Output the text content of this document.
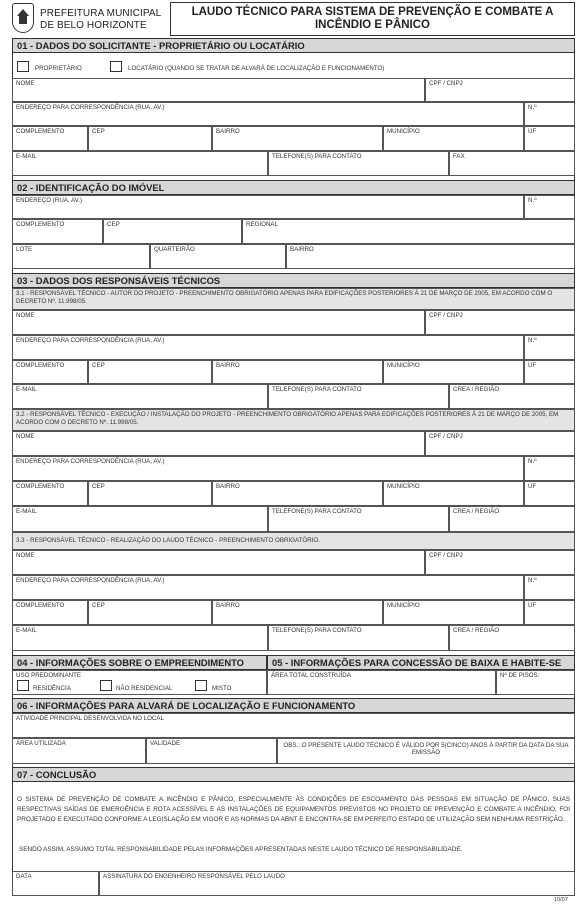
PREFEITURA MUNICIPAL
DE BELO HORIZONTE
LAUDO TÉCNICO PARA SISTEMA DE PREVENÇÃO E COMBATE A
INCÊNDIO E PÂNICO
01 - DADOS DO SOLICITANTE - PROPRIETÁRIO OU LOCATÁRIO
PROPRIETÁRIO	LOCATÁRIO (QUANDO SE TRATAR DE ALVARÁ DE LOCALIZAÇÃO E FUNCIONAMENTO)
NOME	CPF / CNPJ
ENDEREÇO PARA CORRESPONDÊNCIA (RUA, AV.)	N.º
COMPLEMENTO	CEP	BAIRRO	MUNICÍPIO	UF
E-MAIL	TELEFONE(S) PARA CONTATO	FAX
02 - IDENTIFICAÇÃO DO IMÓVEL
ENDEREÇO (RUA, AV.)	N.º
COMPLEMENTO	CEP	REGIONAL
LOTE	QUARTEIRÃO	BAIRRO
03 - DADOS DOS RESPONSÁVEIS TÉCNICOS
3.1 - RESPONSÁVEL TÉCNICO - AUTOR DO PROJETO - PREENCHIMENTO OBRIGATÓRIO APENAS PARA EDIFICAÇÕES POSTERIORES À 21 DE MARÇO DE 2005, EM ACORDO COM O DECRETO Nº. 11.998/05.
NOME	CPF / CNPJ
ENDEREÇO PARA CORRESPONDÊNCIA (RUA, AV.)	N.º
COMPLEMENTO	CEP	BAIRRO	MUNICÍPIO	UF
E-MAIL	TELEFONE(S) PARA CONTATO	CREA / REGIÃO
3.2 - RESPONSÁVEL TÉCNICO - EXECUÇÃO / INSTALAÇÃO DO PROJETO - PREENCHIMENTO OBRIGATÓRIO APENAS PARA EDIFICAÇÕES POSTERIORES À 21 DE MARÇO DE 2005, EM ACORDO COM O DECRETO Nº. 11.998/05.
NOME	CPF / CNPJ
ENDEREÇO PARA CORRESPONDÊNCIA (RUA, AV.)	N.º
COMPLEMENTO	CEP	BAIRRO	MUNICÍPIO	UF
E-MAIL	TELEFONE(S) PARA CONTATO	CREA / REGIÃO
3.3 - RESPONSÁVEL TÉCNICO - REALIZAÇÃO DO LAUDO TÉCNICO - PREENCHIMENTO OBRIGATÓRIO.
NOME	CPF / CNPJ
ENDEREÇO PARA CORRESPONDÊNCIA (RUA, AV.)	N.º
COMPLEMENTO	CEP	BAIRRO	MUNICÍPIO	UF
E-MAIL	TELEFONE(S) PARA CONTATO	CREA / REGIÃO
04 - INFORMAÇÕES SOBRE O EMPREENDIMENTO	05 - INFORMAÇÕES PARA CONCESSÃO DE BAIXA E HABITE-SE
USO PREDOMINANTE
RESIDÊNCIA	NÃO RESIDENCIAL	MISTO
ÁREA TOTAL CONSTRUÍDA	Nº DE PISOS:
06 - INFORMAÇÕES PARA ALVARÁ DE LOCALIZAÇÃO E FUNCIONAMENTO
ATIVIDADE PRINCIPAL DESENVOLVIDA NO LOCAL
ÁREA UTILIZADA	VALIDADE	OBS.: O PRESENTE LAUDO TÉCNICO É VÁLIDO POR 5(CINCO) ANOS À PARTIR DA DATA DA SUA EMISSÃO
07 - CONCLUSÃO
O SISTEMA DE PREVENÇÃO DE COMBATE A INCÊNDIO E PÂNICO, ESPECIALMENTE ÀS CONDIÇÕES DE ESCOAMENTO DAS PESSOAS EM SITUAÇÃO DE PÂNICO, SUAS RESPECTIVAS SAÍDAS DE EMERGÊNCIA E ROTA ACESSÍVEL E AS INSTALAÇÕES DE EQUIPAMENTOS PREVISTOS NO PROJETO DE PREVENÇÃO E COMBATE A INCÊNDIO, FOI PROJETADO E EXECUTADO CONFORME A LEGISLAÇÃO EM VIGOR E AS NORMAS DA ABNT E ENCONTRA-SE EM PERFEITO ESTADO DE UTILIZAÇÃO SEM NENHUMA RESTRIÇÃO.
SENDO ASSIM, ASSUMO TOTAL RESPONSABILIDADE PELAS INFORMAÇÕES APRESENTADAS NESTE LAUDO TÉCNICO DE RESPONSABILIDADE.
DATA	ASSINATURA DO ENGENHEIRO RESPONSÁVEL PELO LAUDO
10/07
